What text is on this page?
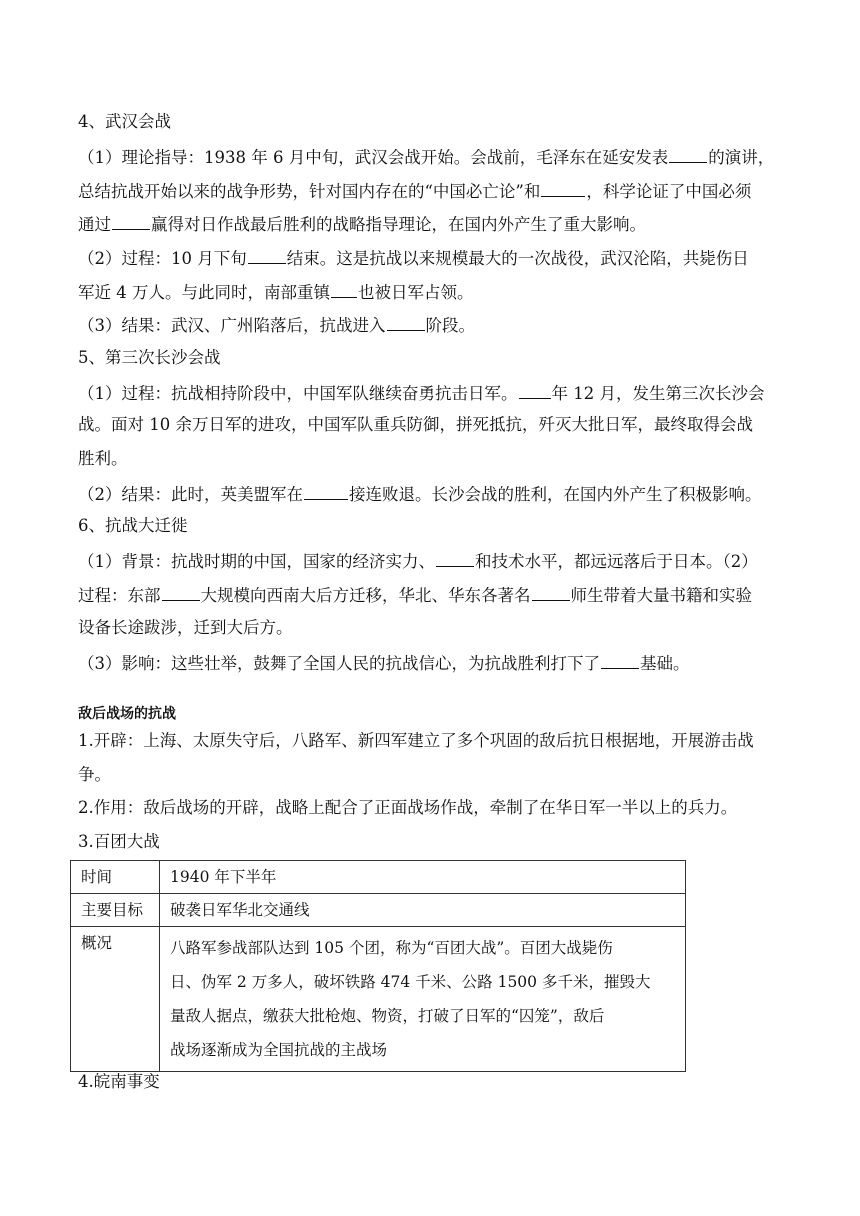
4、武汉会战
（1）理论指导：1938 年 6 月中旬，武汉会战开始。会战前，毛泽东在延安发表 的演讲，
总结抗战开始以来的战争形势，针对国内存在的“中国必亡论”和	，科学论证了中国必须
通过 赢得对日作战最后胜利的战略指导理论，在国内外产生了重大影响。
（2）过程：10 月下旬 结束。这是抗战以来规模最大的一次战役，武汉沦陷，共毙伤日
军近 4 万人。与此同时，南部重镇 也被日军占领。
（3）结果：武汉、广州陷落后，抗战进入 阶段。
5、第三次长沙会战
（1）过程：抗战相持阶段中，中国军队继续奋勇抗击日军。 年 12 月，发生第三次长沙会
战。面对 10 余万日军的进攻，中国军队重兵防御，拼死抵抗，歼灭大批日军，最终取得会战
胜利。
（2）结果：此时，英美盟军在	接连败退。长沙会战的胜利，在国内外产生了积极影响。
6、抗战大迁徙
（1）背景：抗战时期的中国，国家的经济实力、 和技术水平，都远远落后于日本。（2）
过程：东部 大规模向西南大后方迁移，华北、华东各著名 师生带着大量书籍和实验
设备长途跋涉，迁到大后方。
（3）影响：这些壮举，鼓舞了全国人民的抗战信心，为抗战胜利打下了 基础。
敌后战场的抗战
1.开辟：上海、太原失守后，八路军、新四军建立了多个巩固的敌后抗日根据地，开展游击战
争。
2.作用：敌后战场的开辟，战略上配合了正面战场作战，牵制了在华日军一半以上的兵力。
3.百团大战
时间	1940 年下半年
主要目标	破袭日军华北交通线
概况	八路军参战部队达到 105 个团，称为“百团大战”。百团大战毙伤
日、伪军 2 万多人，破坏铁路 474 千米、公路 1500 多千米，摧毁大
量敌人据点，缴获大批枪炮、物资，打破了日军的“囚笼”，敌后
战场逐渐成为全国抗战的主战场
4.皖南事变
